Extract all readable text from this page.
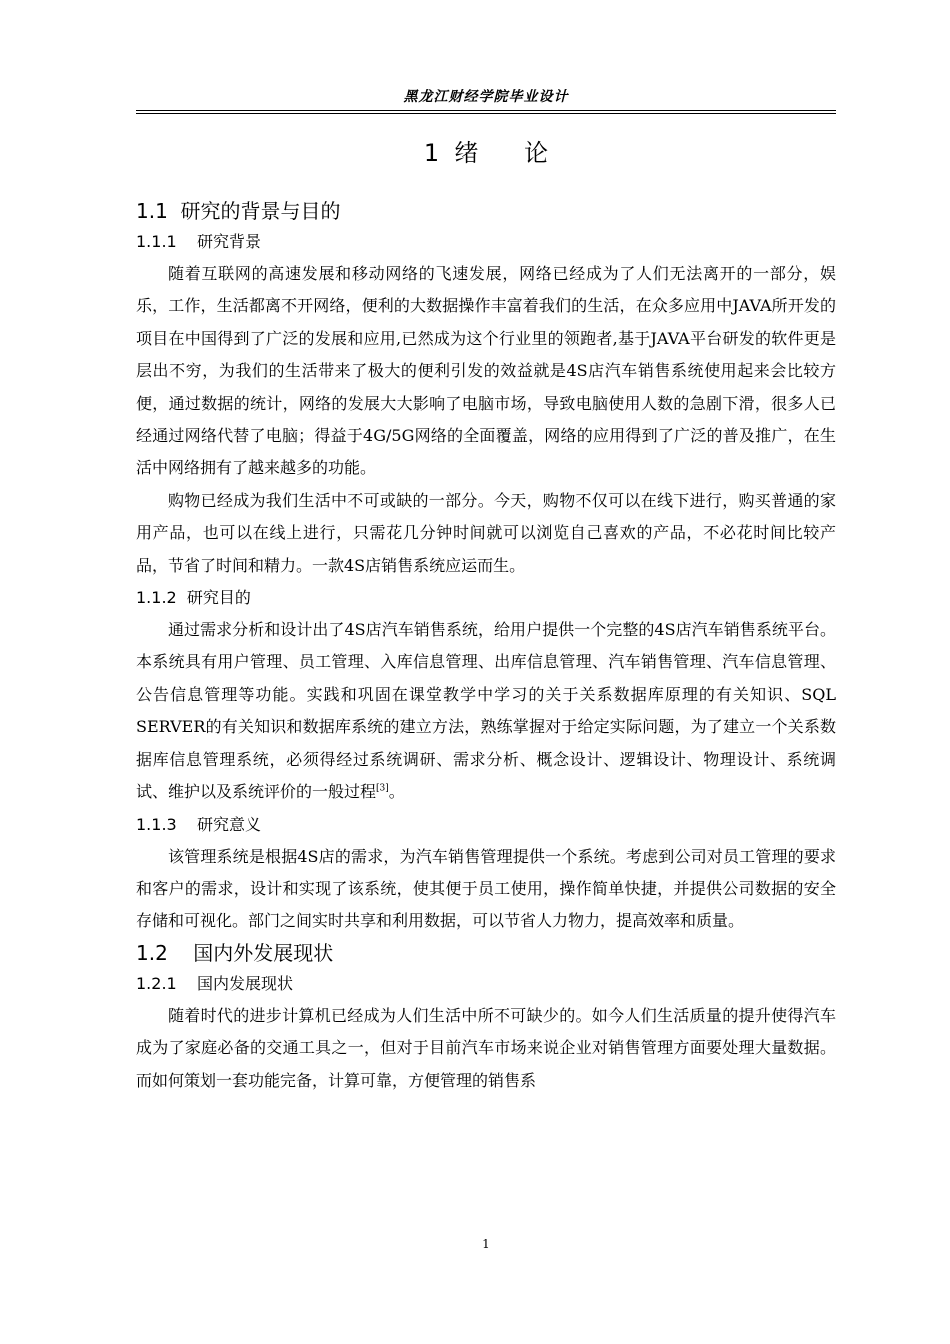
黑龙江财经学院毕业设计
1  绪      论
1.1  研究的背景与目的
1.1.1    研究背景

随着互联网的高速发展和移动网络的飞速发展，网络已经成为了人们无法离开的一部分，娱乐，工作，生活都离不开网络，便利的大数据操作丰富着我们的生活，在众多应用中JAVA所开发的项目在中国得到了广泛的发展和应用,已然成为这个行业里的领跑者,基于JAVA平台研发的软件更是层出不穷，为我们的生活带来了极大的便利引发的效益就是4S店汽车销售系统使用起来会比较方便，通过数据的统计，网络的发展大大影响了电脑市场，导致电脑使用人数的急剧下滑，很多人已经通过网络代替了电脑；得益于4G/5G网络的全面覆盖，网络的应用得到了广泛的普及推广，在生活中网络拥有了越来越多的功能。

购物已经成为我们生活中不可或缺的一部分。今天，购物不仅可以在线下进行，购买普通的家用产品，也可以在线上进行，只需花几分钟时间就可以浏览自己喜欢的产品，不必花时间比较产品，节省了时间和精力。一款4S店销售系统应运而生。

1.1.2  研究目的

通过需求分析和设计出了4S店汽车销售系统，给用户提供一个完整的4S店汽车销售系统平台。本系统具有用户管理、员工管理、入库信息管理、出库信息管理、汽车销售管理、汽车信息管理、公告信息管理等功能。实践和巩固在课堂教学中学习的关于关系数据库原理的有关知识、SQL SERVER的有关知识和数据库系统的建立方法，熟练掌握对于给定实际问题，为了建立一个关系数据库信息管理系统，必须得经过系统调研、需求分析、概念设计、逻辑设计、物理设计、系统调试、维护以及系统评价的一般过程[3]。

1.1.3    研究意义

该管理系统是根据4S店的需求，为汽车销售管理提供一个系统。考虑到公司对员工管理的要求和客户的需求，设计和实现了该系统，使其便于员工使用，操作简单快捷，并提供公司数据的安全存储和可视化。部门之间实时共享和利用数据，可以节省人力物力，提高效率和质量。

1.2    国内外发展现状
1.2.1    国内发展现状

随着时代的进步计算机已经成为人们生活中所不可缺少的。如今人们生活质量的提升使得汽车成为了家庭必备的交通工具之一，但对于目前汽车市场来说企业对销售管理方面要处理大量数据。而如何策划一套功能完备，计算可靠，方便管理的销售系

1
